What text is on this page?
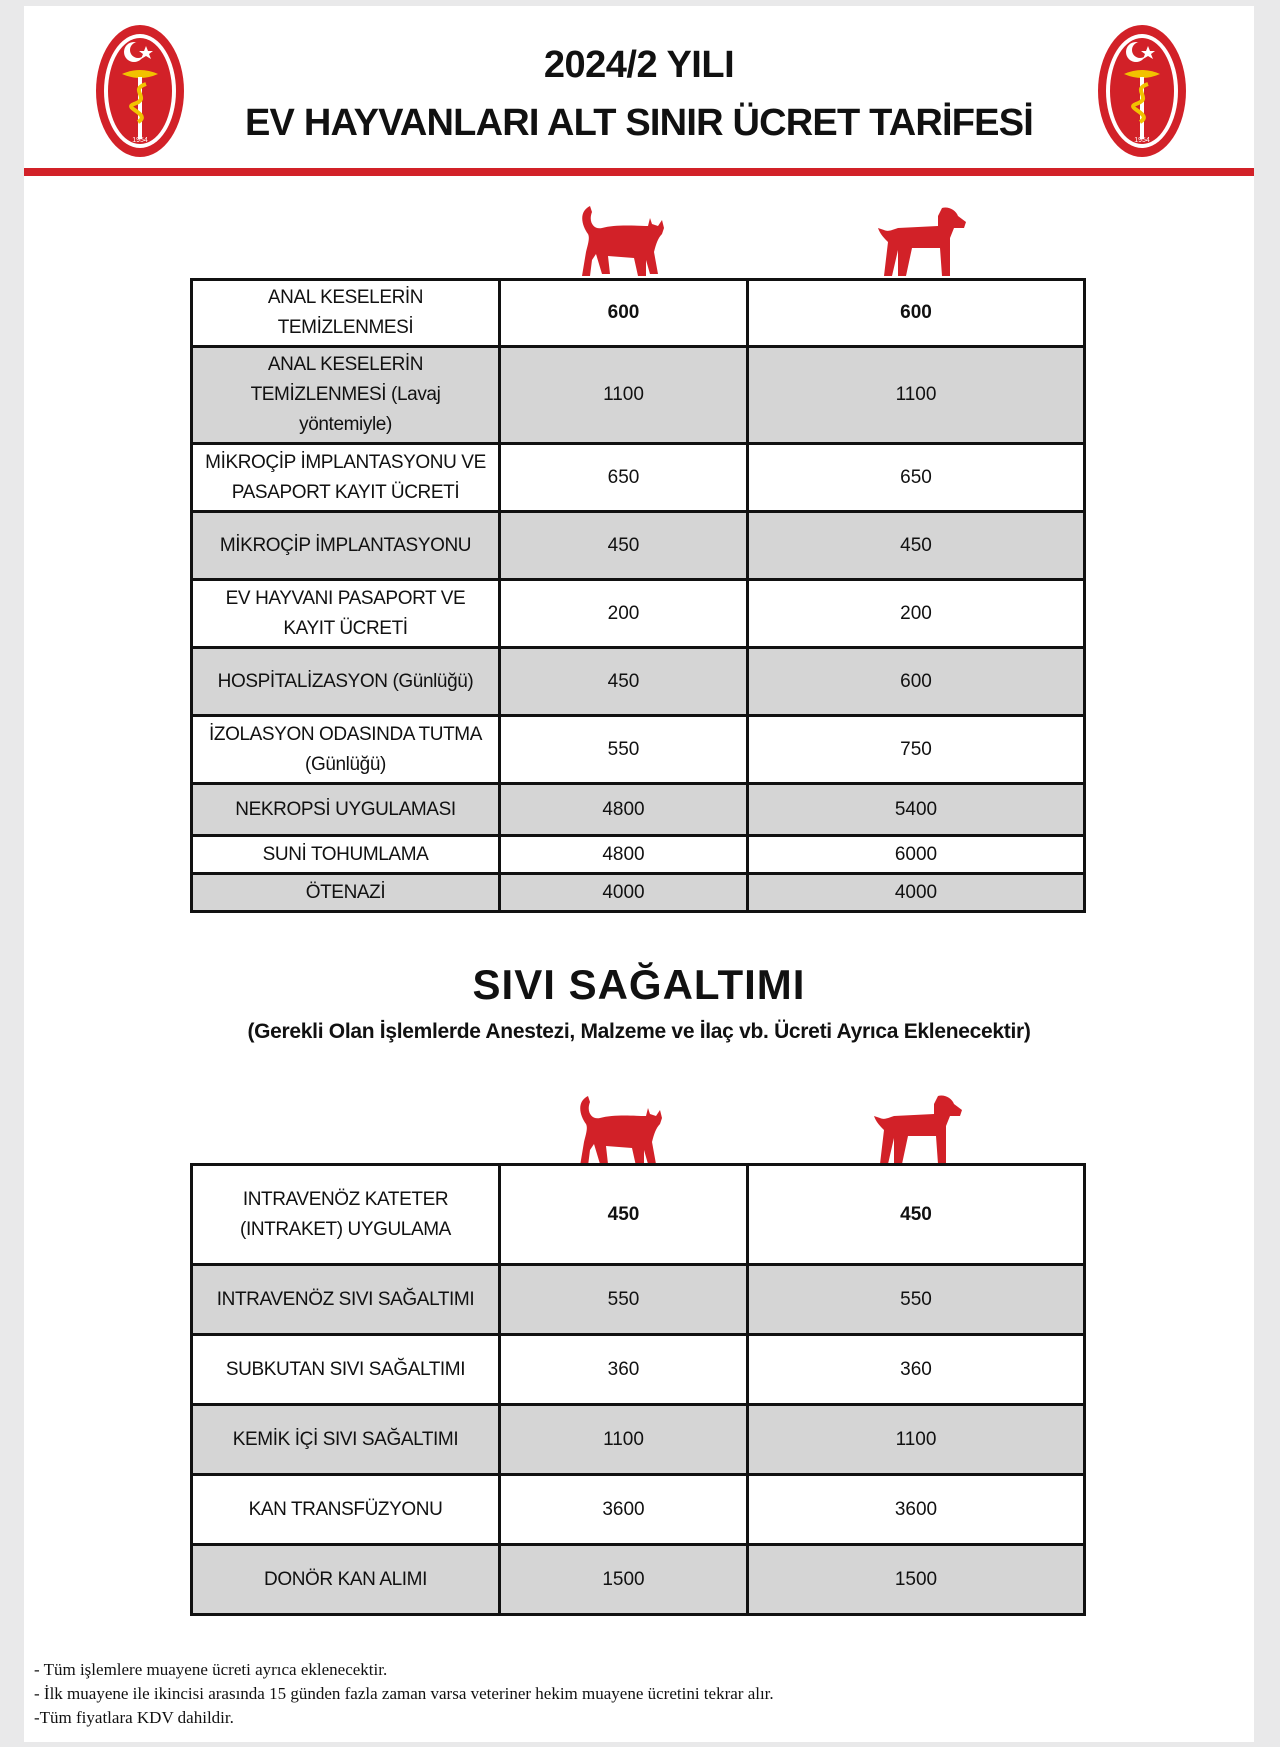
1954	1954
2024/2 YILI
EV HAYVANLARI ALT SINIR ÜCRET TARİFESİ
ANAL KESELERİN TEMİZLENMESİ	600	600
ANAL KESELERİN TEMİZLENMESİ (Lavaj yöntemiyle)	1100	1100
MİKROÇİP İMPLANTASYONU VE PASAPORT KAYIT ÜCRETİ	650	650
MİKROÇİP İMPLANTASYONU	450	450
EV HAYVANI PASAPORT VE KAYIT ÜCRETİ	200	200
HOSPİTALİZASYON (Günlüğü)	450	600
İZOLASYON ODASINDA TUTMA (Günlüğü)	550	750
NEKROPSİ UYGULAMASI	4800	5400
SUNİ TOHUMLAMA	4800	6000
ÖTENAZİ	4000	4000
SIVI SAĞALTIMI
(Gerekli Olan İşlemlerde Anestezi, Malzeme ve İlaç vb. Ücreti Ayrıca Eklenecektir)
INTRAVENÖZ KATETER (INTRAKET) UYGULAMA	450	450
INTRAVENÖZ SIVI SAĞALTIMI	550	550
SUBKUTAN SIVI SAĞALTIMI	360	360
KEMİK İÇİ SIVI SAĞALTIMI	1100	1100
KAN TRANSFÜZYONU	3600	3600
DONÖR KAN ALIMI	1500	1500
- Tüm işlemlere muayene ücreti ayrıca eklenecektir.
- İlk muayene ile ikincisi arasında 15 günden fazla zaman varsa veteriner hekim muayene ücretini tekrar alır.
-Tüm fiyatlara KDV dahildir.
